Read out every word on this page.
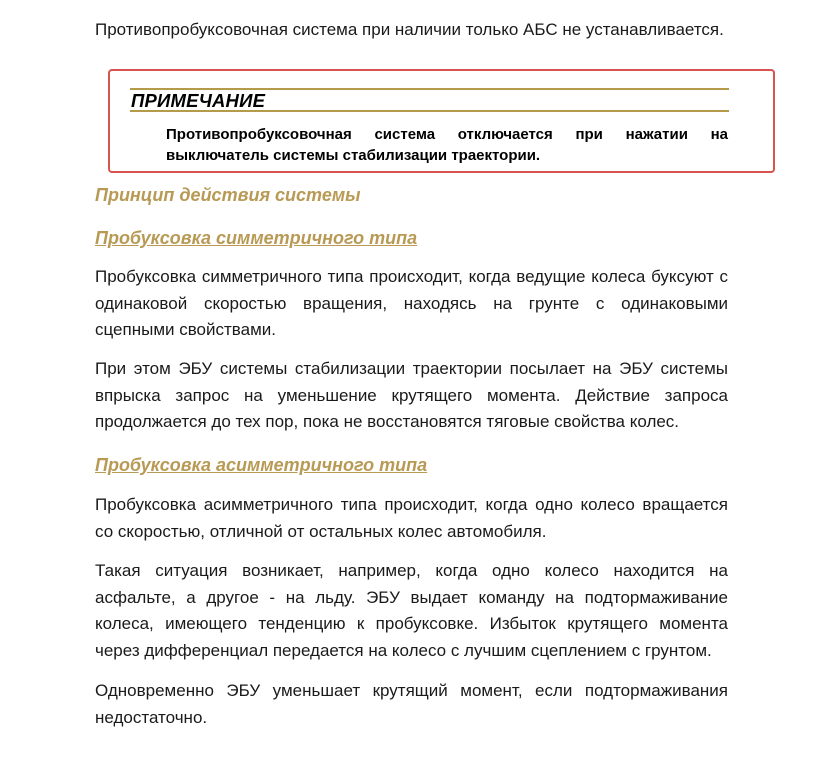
Противопробуксовочная система при наличии только АБС не устанавливается.

ПРИМЕЧАНИЕ

Противопробуксовочная система отключается при нажатии на выключатель системы стабилизации траектории.

Принцип действия системы

Пробуксовка симметричного типа

Пробуксовка симметричного типа происходит, когда ведущие колеса буксуют с одинаковой скоростью вращения, находясь на грунте с одинаковыми сцепными свойствами.

При этом ЭБУ системы стабилизации траектории посылает на ЭБУ системы впрыска запрос на уменьшение крутящего момента. Действие запроса продолжается до тех пор, пока не восстановятся тяговые свойства колес.

Пробуксовка асимметричного типа

Пробуксовка асимметричного типа происходит, когда одно колесо вращается со скоростью, отличной от остальных колес автомобиля.

Такая ситуация возникает, например, когда одно колесо находится на асфальте, а другое - на льду. ЭБУ выдает команду на подтормаживание колеса, имеющего тенденцию к пробуксовке. Избыток крутящего момента через дифференциал передается на колесо с лучшим сцеплением с грунтом.

Одновременно ЭБУ уменьшает крутящий момент, если подтормаживания недостаточно.
